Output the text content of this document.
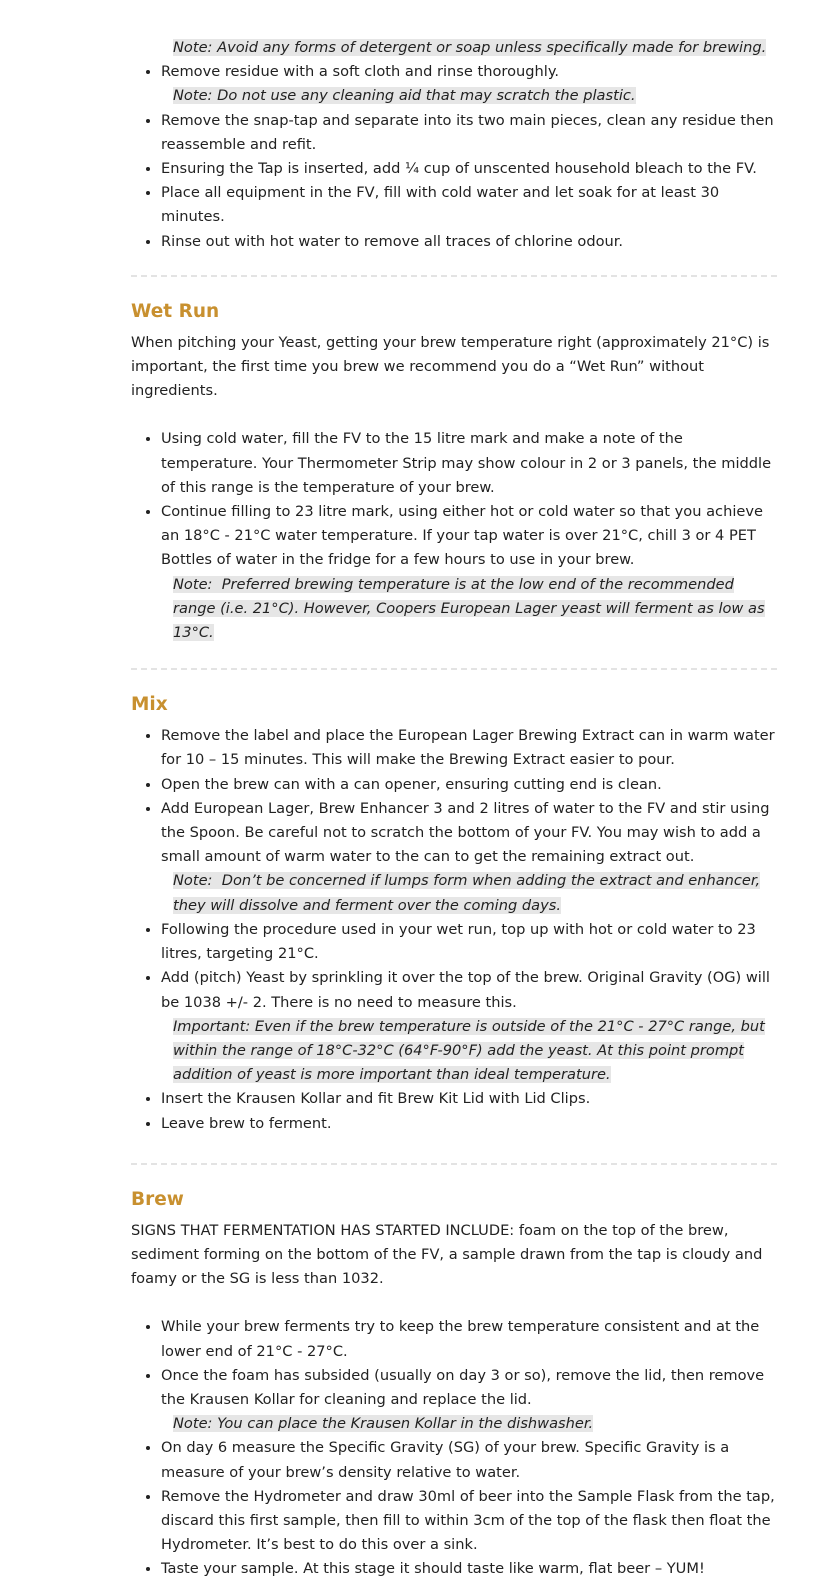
Note: Avoid any forms of detergent or soap unless specifically made for brewing.
• Remove residue with a soft cloth and rinse thoroughly.
Note: Do not use any cleaning aid that may scratch the plastic.
• Remove the snap-tap and separate into its two main pieces, clean any residue then reassemble and refit.
• Ensuring the Tap is inserted, add ¼ cup of unscented household bleach to the FV.
• Place all equipment in the FV, fill with cold water and let soak for at least 30 minutes.
• Rinse out with hot water to remove all traces of chlorine odour.
Wet Run

When pitching your Yeast, getting your brew temperature right (approximately 21°C) is important, the first time you brew we recommend you do a “Wet Run” without ingredients.

• Using cold water, fill the FV to the 15 litre mark and make a note of the temperature. Your Thermometer Strip may show colour in 2 or 3 panels, the middle of this range is the temperature of your brew.
• Continue filling to 23 litre mark, using either hot or cold water so that you achieve an 18°C - 21°C water temperature. If your tap water is over 21°C, chill 3 or 4 PET Bottles of water in the fridge for a few hours to use in your brew.
Note:  Preferred brewing temperature is at the low end of the recommended range (i.e. 21°C). However, Coopers European Lager yeast will ferment as low as 13°C.
Mix
• Remove the label and place the European Lager Brewing Extract can in warm water for 10 – 15 minutes. This will make the Brewing Extract easier to pour.
• Open the brew can with a can opener, ensuring cutting end is clean.
• Add European Lager, Brew Enhancer 3 and 2 litres of water to the FV and stir using the Spoon. Be careful not to scratch the bottom of your FV. You may wish to add a small amount of warm water to the can to get the remaining extract out.
Note:  Don’t be concerned if lumps form when adding the extract and enhancer, they will dissolve and ferment over the coming days.
• Following the procedure used in your wet run, top up with hot or cold water to 23 litres, targeting 21°C.
• Add (pitch) Yeast by sprinkling it over the top of the brew. Original Gravity (OG) will be 1038 +/- 2. There is no need to measure this.
Important: Even if the brew temperature is outside of the 21°C - 27°C range, but within the range of 18°C-32°C (64°F-90°F) add the yeast. At this point prompt addition of yeast is more important than ideal temperature.
• Insert the Krausen Kollar and fit Brew Kit Lid with Lid Clips.
• Leave brew to ferment.
Brew

SIGNS THAT FERMENTATION HAS STARTED INCLUDE: foam on the top of the brew, sediment forming on the bottom of the FV, a sample drawn from the tap is cloudy and foamy or the SG is less than 1032.

• While your brew ferments try to keep the brew temperature consistent and at the lower end of 21°C - 27°C.
• Once the foam has subsided (usually on day 3 or so), remove the lid, then remove the Krausen Kollar for cleaning and replace the lid.
Note: You can place the Krausen Kollar in the dishwasher.
• On day 6 measure the Specific Gravity (SG) of your brew. Specific Gravity is a measure of your brew’s density relative to water.
• Remove the Hydrometer and draw 30ml of beer into the Sample Flask from the tap, discard this first sample, then fill to within 3cm of the top of the flask then float the Hydrometer. It’s best to do this over a sink.
• Taste your sample. At this stage it should taste like warm, flat beer – YUM!
